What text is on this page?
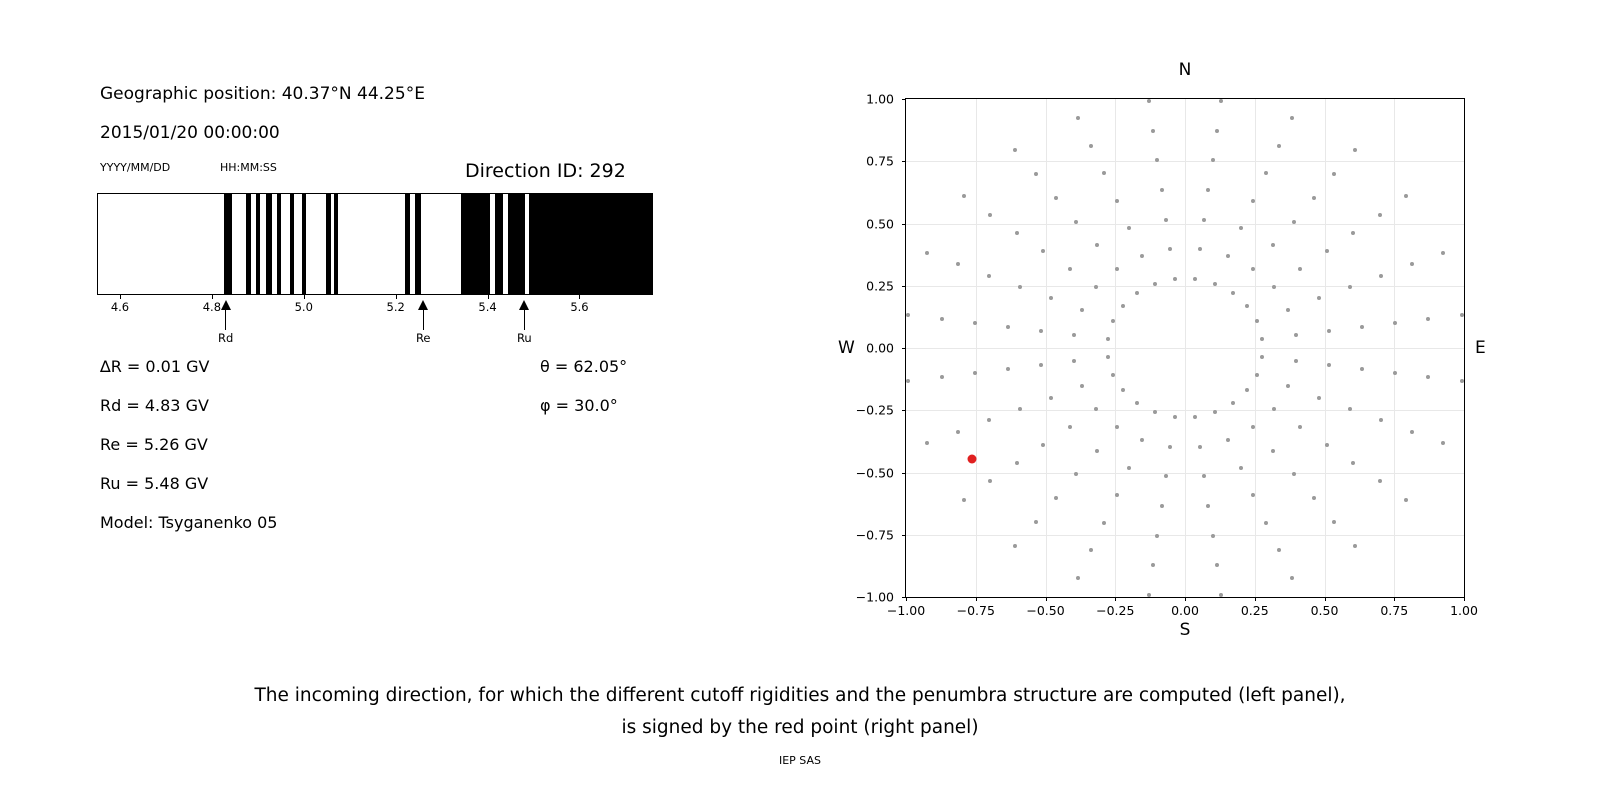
Geographic position: 40.37°N 44.25°E
2015/01/20 00:00:00
YYYY/MM/DD	HH:MM:SS	Direction ID: 292
4.6	4.8	5.0	5.2	5.4	5.6
Rd	Re	Ru
∆R = 0.01 GV
Rd = 4.83 GV
Re = 5.26 GV
Ru = 5.48 GV
Model: Tsyganenko 05
θ = 62.05°
φ = 30.0°
N
S
W	E
−1.00	−0.75	−0.50	−0.25	0.00	0.25	0.50	0.75	1.00
−1.00
−0.75
−0.50
−0.25
0.00
0.25
0.50
0.75
1.00
The incoming direction, for which the different cutoff rigidities and the penumbra structure are computed (left panel),
is signed by the red point (right panel)
IEP SAS
